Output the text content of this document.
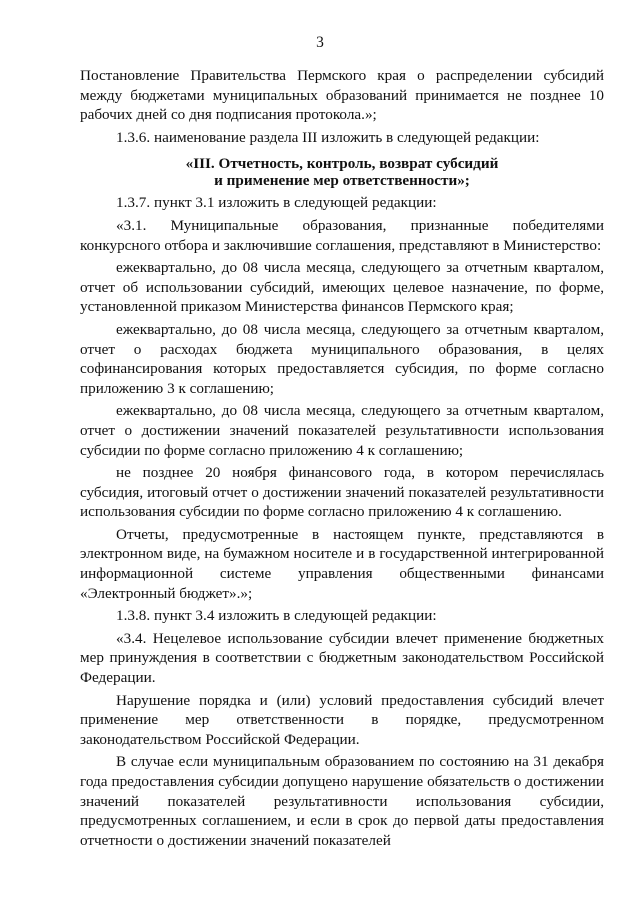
3

Постановление Правительства Пермского края о распределении субсидий между бюджетами муниципальных образований принимается не позднее 10 рабочих дней со дня подписания протокола.»;

1.3.6. наименование раздела III изложить в следующей редакции:

«III. Отчетность, контроль, возврат субсидий
и применение мер ответственности»;

1.3.7. пункт 3.1 изложить в следующей редакции:

«3.1. Муниципальные образования, признанные победителями конкурсного отбора и заключившие соглашения, представляют в Министерство:

ежеквартально, до 08 числа месяца, следующего за отчетным кварталом, отчет об использовании субсидий, имеющих целевое назначение, по форме, установленной приказом Министерства финансов Пермского края;

ежеквартально, до 08 числа месяца, следующего за отчетным кварталом, отчет о расходах бюджета муниципального образования, в целях софинансирования которых предоставляется субсидия, по форме согласно приложению 3 к соглашению;

ежеквартально, до 08 числа месяца, следующего за отчетным кварталом, отчет о достижении значений показателей результативности использования субсидии по форме согласно приложению 4 к соглашению;

не позднее 20 ноября финансового года, в котором перечислялась субсидия, итоговый отчет о достижении значений показателей результативности использования субсидии по форме согласно приложению 4 к соглашению.

Отчеты, предусмотренные в настоящем пункте, представляются в электронном виде, на бумажном носителе и в государственной интегрированной информационной системе управления общественными финансами «Электронный бюджет».»;

1.3.8. пункт 3.4 изложить в следующей редакции:

«3.4. Нецелевое использование субсидии влечет применение бюджетных мер принуждения в соответствии с бюджетным законодательством Российской Федерации.

Нарушение порядка и (или) условий предоставления субсидий влечет применение мер ответственности в порядке, предусмотренном законодательством Российской Федерации.

В случае если муниципальным образованием по состоянию на 31 декабря года предоставления субсидии допущено нарушение обязательств о достижении значений показателей результативности использования субсидии, предусмотренных соглашением, и если в срок до первой даты предоставления отчетности о достижении значений показателей
